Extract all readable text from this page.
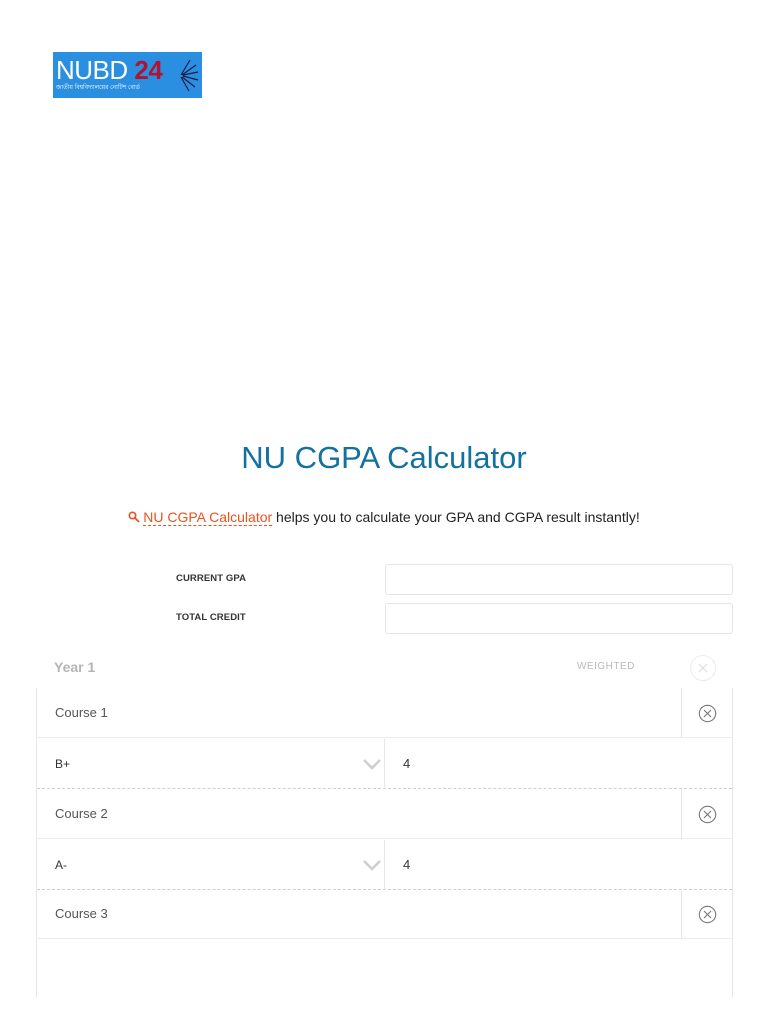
NUBD 24
জাতীয় বিশ্ববিদ্যালয়ের নোটিশ বোর্ড
NU CGPA Calculator

NU CGPA Calculator helps you to calculate your GPA and CGPA result instantly!

CURRENT GPA
TOTAL CREDIT
Year 1	WEIGHTED
Course 1
B+	4
Course 2
A-	4
Course 3
